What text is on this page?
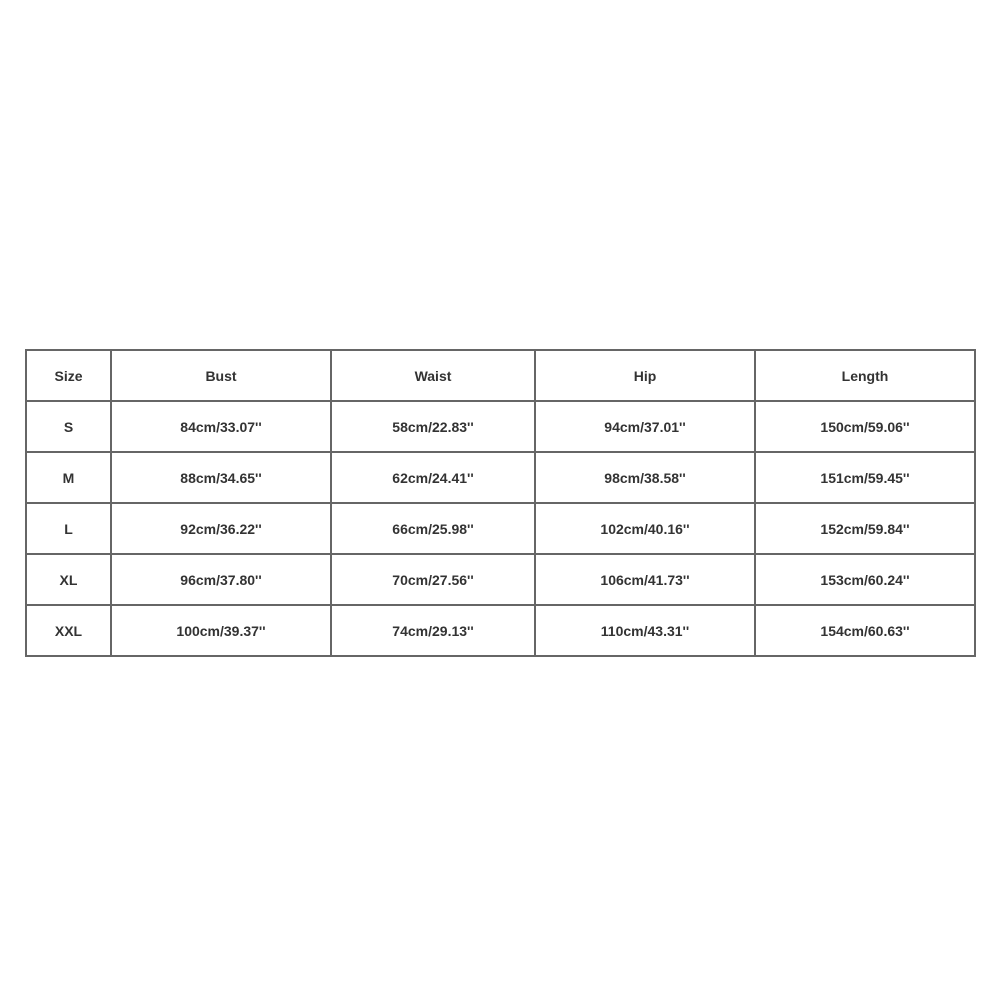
Size	Bust	Waist	Hip	Length
S	84cm/33.07''	58cm/22.83''	94cm/37.01''	150cm/59.06''
M	88cm/34.65''	62cm/24.41''	98cm/38.58''	151cm/59.45''
L	92cm/36.22''	66cm/25.98''	102cm/40.16''	152cm/59.84''
XL	96cm/37.80''	70cm/27.56''	106cm/41.73''	153cm/60.24''
XXL	100cm/39.37''	74cm/29.13''	110cm/43.31''	154cm/60.63''
